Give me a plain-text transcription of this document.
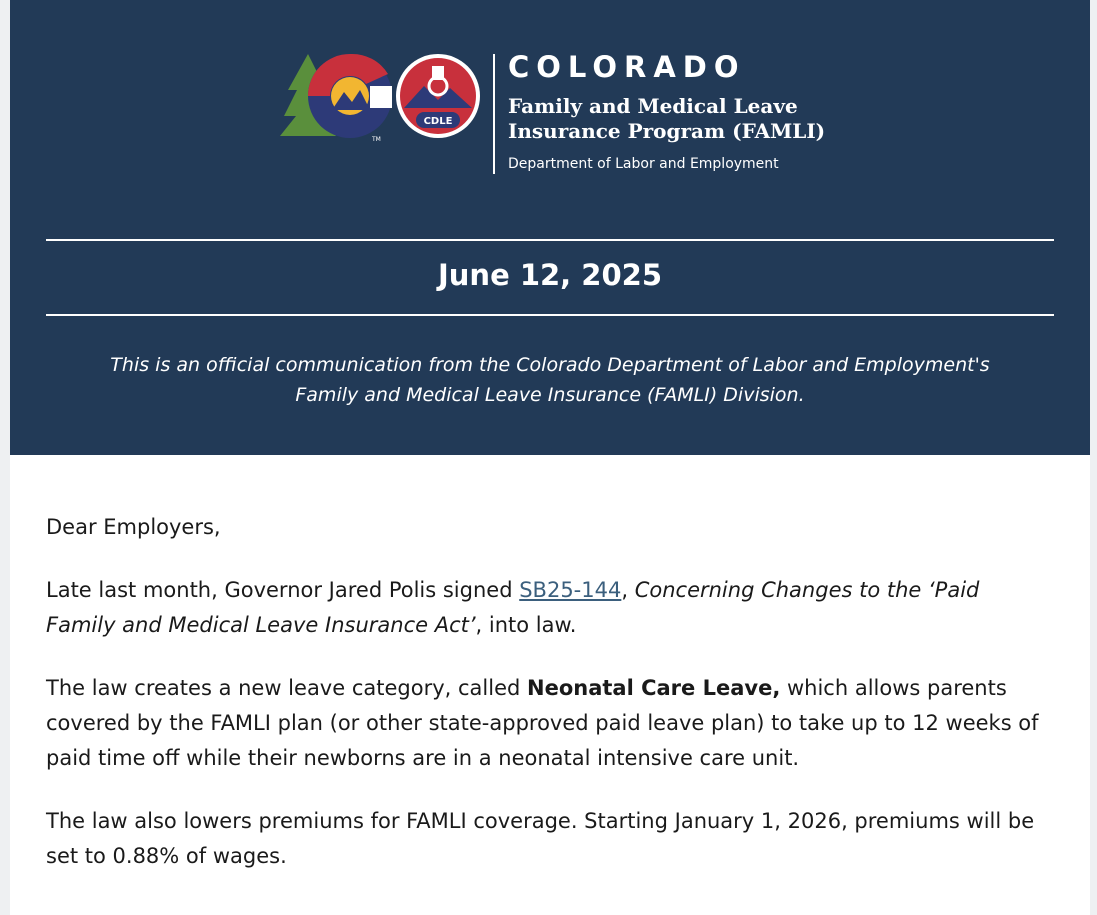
TM
CDLE
COLORADO
Family and Medical Leave
Insurance Program (FAMLI)
Department of Labor and Employment
June 12, 2025
This is an official communication from the Colorado Department of Labor and Employment's
Family and Medical Leave Insurance (FAMLI) Division.

Dear Employers,

Late last month, Governor Jared Polis signed SB25-144, Concerning Changes to the ‘Paid Family and Medical Leave Insurance Act’, into law.

The law creates a new leave category, called Neonatal Care Leave, which allows parents covered by the FAMLI plan (or other state-approved paid leave plan) to take up to 12 weeks of paid time off while their newborns are in a neonatal intensive care unit.

The law also lowers premiums for FAMLI coverage. Starting January 1, 2026, premiums will be set to 0.88% of wages.
